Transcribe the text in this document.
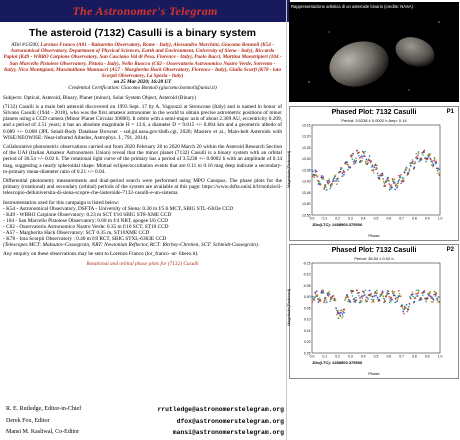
The Astronomer's Telegram
The asteroid (7132) Casulli is a binary system
ATel #13590; Lorenzo Franco (A81 - Balzaretto Observatory, Rome - Italy), Alessandro Marchini, Giacomo Bonnoli (K54 - Astronomical Observatory, Department of Physical Sciences, Earth and Environment, University of Siena - Italy), Riccardo Papini (K49 - WBRO Carpione Observatory, San Casciano Val di Pesa, Florence - Italy), Paolo Bacci, Martina Maestripieri (104 - San Marcello Pistoiese Observatory, Pistoia - Italy), Nello Ruocco (C82 - Osservatorio Astronomico Nastro Verde, Sorrento - Italy), Nico Montigiani, Massimiliano Mannucci (A57 - Margherita Hack Observatory, Florence - Italy), Giulio Scarfi (K78 - iota Scorpii Observatory, La Spezia - Italy)
on 25 Mar 2020; 16:28 UT
Credential Certification: Giacomo Bonnoli (giacomo.bonnoli@unisi.it)
Subjects: Optical, Asteroid, Binary, Planet (minor), Solar System Object, Asteroid (Binary)
(7132) Casulli is a main belt asteroid discovered on 1993 Sept. 17 by A. Vagnozzi at Stroncone (Italy) and is named in honor of Silvano Casulli (1944 - 2018), who was the first amateur astronomer in the world to obtain precise astrometric positions of minor planets using a CCD camera (Minor Planet Circular 30800). It orbits with a semi-major axis of about 2.309 AU, eccentricity 0.209, and a period of 3.51 years; it has an absolute magnitude H = 13.6, a diameter D = 9.015 +/- 0.064 km and a geometric albedo of 0.089 +/- 0.008 (JPL Small-Body Database Browser - ssd.jpl.nasa.gov/sbdb.cgi, 2020; Masiero et al., Main-belt Asteroids with WISE/NEOWISE: Near-infrared Albedos, Astrophys. J., 791, 2014).
Collaborative photometric observations carried out from 2020 February 20 to 2020 March 20 within the Asteroid Research Section of the UAI (Italian Amateur Astronomers Union) reveal that the minor planet (7132) Casulli is a binary system with an orbital period of 36.54 +/- 0.02 h. The rotational light curve of the primary has a period of 3.5238 +/- 0.0002 h with an amplitude of 0.14 mag, suggesting a nearly spheroidal shape. Mutual eclipse/occultation events that are 0.11 to 0.16 mag deep indicate a secondary-to-primary mean-diameter ratio of 0.21 +/- 0.04.
Differential photometry measurements and dual-period search were performed using MPO Canopus. The phase plots for the primary (rotational) and secondary (orbital) periods of the system are available at this page: https://www.dsfta.unisi.it/it/notizie/il-telescopio-delluniversita-di-siena-scopre-che-lasteroide-7132-casulli-e-un-sistema
Instrumentation used for this campaign is listed below:
- K54 - Astronomical Observatory, DSFTA - University of Siena: 0.30 m f/5.6 MCT, SBIG STL-6303e CCD
- K49 - WBRO Carpione Observatory: 0.23 m SCT f/10 SBIG ST8-XME CCD
- 104 - San Marcello Pistoiese Observatory: 0.60 m f/4 NRT, apogee U6 CCD
- C82 - Osservatorio Astronomico Nastro Verde: 0.35 m f/10 SCT, ST10 CCD
- A57 - Margherita Hack Observatory: SCT 0.35 m, ST10XME CCD
- K78 - Iota Scorpii Observatory : 0.40 m f/8 RCT, SBIG STXL-6303E CCD
(Telescopes MCT: Maksutov-Cassegrain, NRT: Newtonian Reflector, RCT: Ritchey-Chretien, SCT: Schmidt-Cassegrain).
Any enquiry on these observations may be sent to Lorenzo Franco (lor_franco -at- libero.it).
Rotational and orbital phase plots for (7132) Casulli
R. E. Rutledge, Editor-in-Chief	rrutledge@astronomerstelegram.org
Derek Fox, Editor	dfox@astronomerstelegram.org
Mansi M. Kasliwal, Co-Editor	mansi@astronomerstelegram.org
Rappresentazione artistica di un asteroide binario (credits: NASA)
Phased Plot: 7132 Casulli
Period: 3.5238 ± 0.0002 h Amp: 0.14
P1
Magnitude(Reduced)
JDo(LTC): 2458900.375506
Phase
13.15
13.20
13.25
13.30
13.35
13.40
13.45
13.50
13.55
0.0 0.1 0.2 0.3 0.4 0.5 0.6 0.7 0.8 0.9 1.0
Phased Plot: 7132 Casulli
Period: 36.54 ± 0.02 h
P2
Magnitude(Reduced)
JDo(LTC): 2458900.375506
Phase
-0.15
-0.10
-0.05
0.00
0.05
0.10
0.15
0.20
0.25
0.0 0.1 0.2 0.3 0.4 0.5 0.6 0.7 0.8 0.9 1.0
